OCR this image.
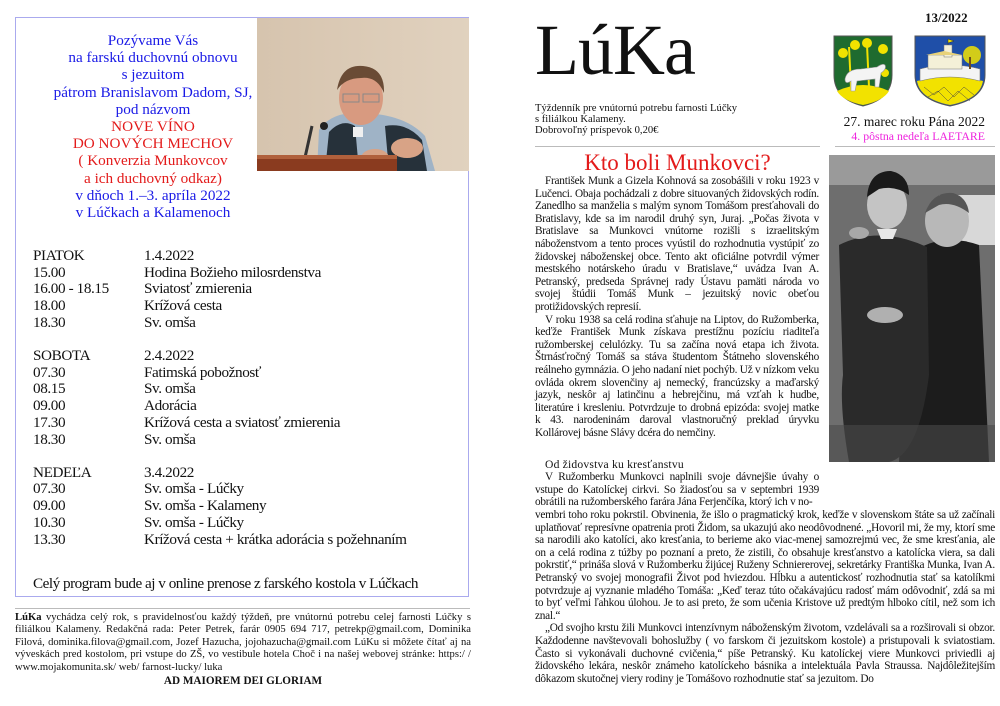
Pozývame Vás
na farskú duchovnú obnovu
s jezuitom
pátrom Branislavom Dadom, SJ,
pod názvom
NOVE VÍNO
DO NOVÝCH MECHOV
( Konverzia Munkovcov
a ich duchovný odkaz)
v dňoch 1.–3. apríla 2022
v Lúčkach a Kalamenoch
PIATOK	1.4.2022
15.00	Hodina Božieho milosrdenstva
16.00 - 18.15	Sviatosť zmierenia
18.00	Krížová cesta
18.30	Sv. omša
SOBOTA	2.4.2022
07.30	Fatimská pobožnosť
08.15	Sv. omša
09.00	Adorácia
17.30	Krížová cesta a sviatosť zmierenia
18.30	Sv. omša
NEDEĽA	3.4.2022
07.30	Sv. omša - Lúčky
09.00	Sv. omša - Kalameny
10.30	Sv. omša - Lúčky
13.30	Krížová cesta + krátka adorácia s požehnaním
Celý program bude aj v online prenose z farského kostola v Lúčkach
LúKa vychádza celý rok, s pravidelnosťou každý týždeň, pre vnútornú potrebu celej farnosti Lúčky s filiálkou Kalameny. Redakčná rada: Peter Petrek, farár 0905 694 717, petrekp@gmail.com, Dominika Filová, dominika.filova@gmail.com, Jozef Hazucha, jojohazucha@gmail.com LúKu si môžete čítať aj na výveskách pred kostolom, pri vstupe do ZŠ, vo vestibule hotela Choč i na našej webovej stránke: https:/ / www.mojakomunita.sk/ web/ farnost-lucky/ luka
AD MAIOREM DEI GLORIAM
LúKa
Týždenník pre vnútornú potrebu farnosti Lúčky
s filiálkou Kalameny.
Dobrovoľný príspevok 0,20€
13/2022
27. marec roku Pána 2022
4. pôstna nedeľa LAETARE
Kto boli Munkovci?

František Munk a Gizela Kohnová sa zosobášili v roku 1923 v Lučenci. Obaja pochádzali z dobre situovaných židovských rodín. Zanedlho sa manželia s malým synom Tomášom presťahovali do Bratislavy, kde sa im narodil druhý syn, Juraj. „Počas života v Bratislave sa Munkovci vnútorne rozišli s izraelitským náboženstvom a tento proces vyústil do rozhodnutia vystúpiť zo židovskej náboženskej obce. Tento akt oficiálne potvrdil výmer mestského notárskeho úradu v Bratislave,“ uvádza Ivan A. Petranský, predseda Správnej rady Ústavu pamäti národa vo svojej štúdii Tomáš Munk – jezuitský novic obeťou protižidovských represií.

V roku 1938 sa celá rodina sťahuje na Liptov, do Ružomberka, keďže František Munk získava prestížnu pozíciu riaditeľa ružomberskej celulózky. Tu sa začína nová etapa ich života. Štrnásťročný Tomáš sa stáva študentom Štátneho slovenského reálneho gymnázia. O jeho nadaní niet pochýb. Už v nízkom veku ovláda okrem slovenčiny aj nemecký, francúzsky a maďarský jazyk, neskôr aj latinčinu a hebrejčinu, má vzťah k hudbe, literatúre i kresleniu. Potvrdzuje to drobná epizóda: svojej matke k 43. narodeninám daroval vlastnoručný preklad úryvku Kollárovej básne Slávy dcéra do nemčiny.

Od židovstva ku kresťanstvu

V Ružomberku Munkovci naplnili svoje dávnejšie úvahy o vstupe do Katolíckej cirkvi. So žiadosťou sa v septembri 1939 obrátili na ružomberského farára Jána Ferjenčíka, ktorý ich v no-

vembri toho roku pokrstil. Obvinenia, že išlo o pragmatický krok, keďže v slovenskom štáte sa už začínali uplatňovať represívne opatrenia proti Židom, sa ukazujú ako neodôvodnené. „Hovoril mi, že my, ktorí sme sa narodili ako katolíci, ako kresťania, to berieme ako viac-menej samozrejmú vec, že sme kresťania, ale on a celá rodina z túžby po poznaní a preto, že zistili, čo obsahuje kresťanstvo a katolícka viera, sa dali pokrstiť,“ prináša slová v Ružomberku žijúcej Ruženy Schniererovej, sekretárky Františka Munka, Ivan A. Petranský vo svojej monografii Život pod hviezdou. Hĺbku a autentickosť rozhodnutia stať sa katolíkmi potvrdzuje aj vyznanie mladého Tomáša: „Keď teraz túto očakávajúcu radosť mám odôvodniť, zdá sa mi to byť veľmi ľahkou úlohou. Je to asi preto, že som učenia Kristove už predtým hlboko cítil, než som ich znal.“

„Od svojho krstu žili Munkovci intenzívnym náboženským životom, vzdelávali sa a rozširovali si obzor. Každodenne navštevovali bohoslužby ( vo farskom či jezuitskom kostole) a pristupovali k sviatostiam. Často si vykonávali duchovné cvičenia,“ píše Petranský. Ku katolíckej viere Munkovci priviedli aj židovského lekára, neskôr známeho katolíckeho básnika a intelektuála Pavla Straussa. Najdôležitejším dôkazom skutočnej viery rodiny je Tomášovo rozhodnutie stať sa jezuitom. Do
